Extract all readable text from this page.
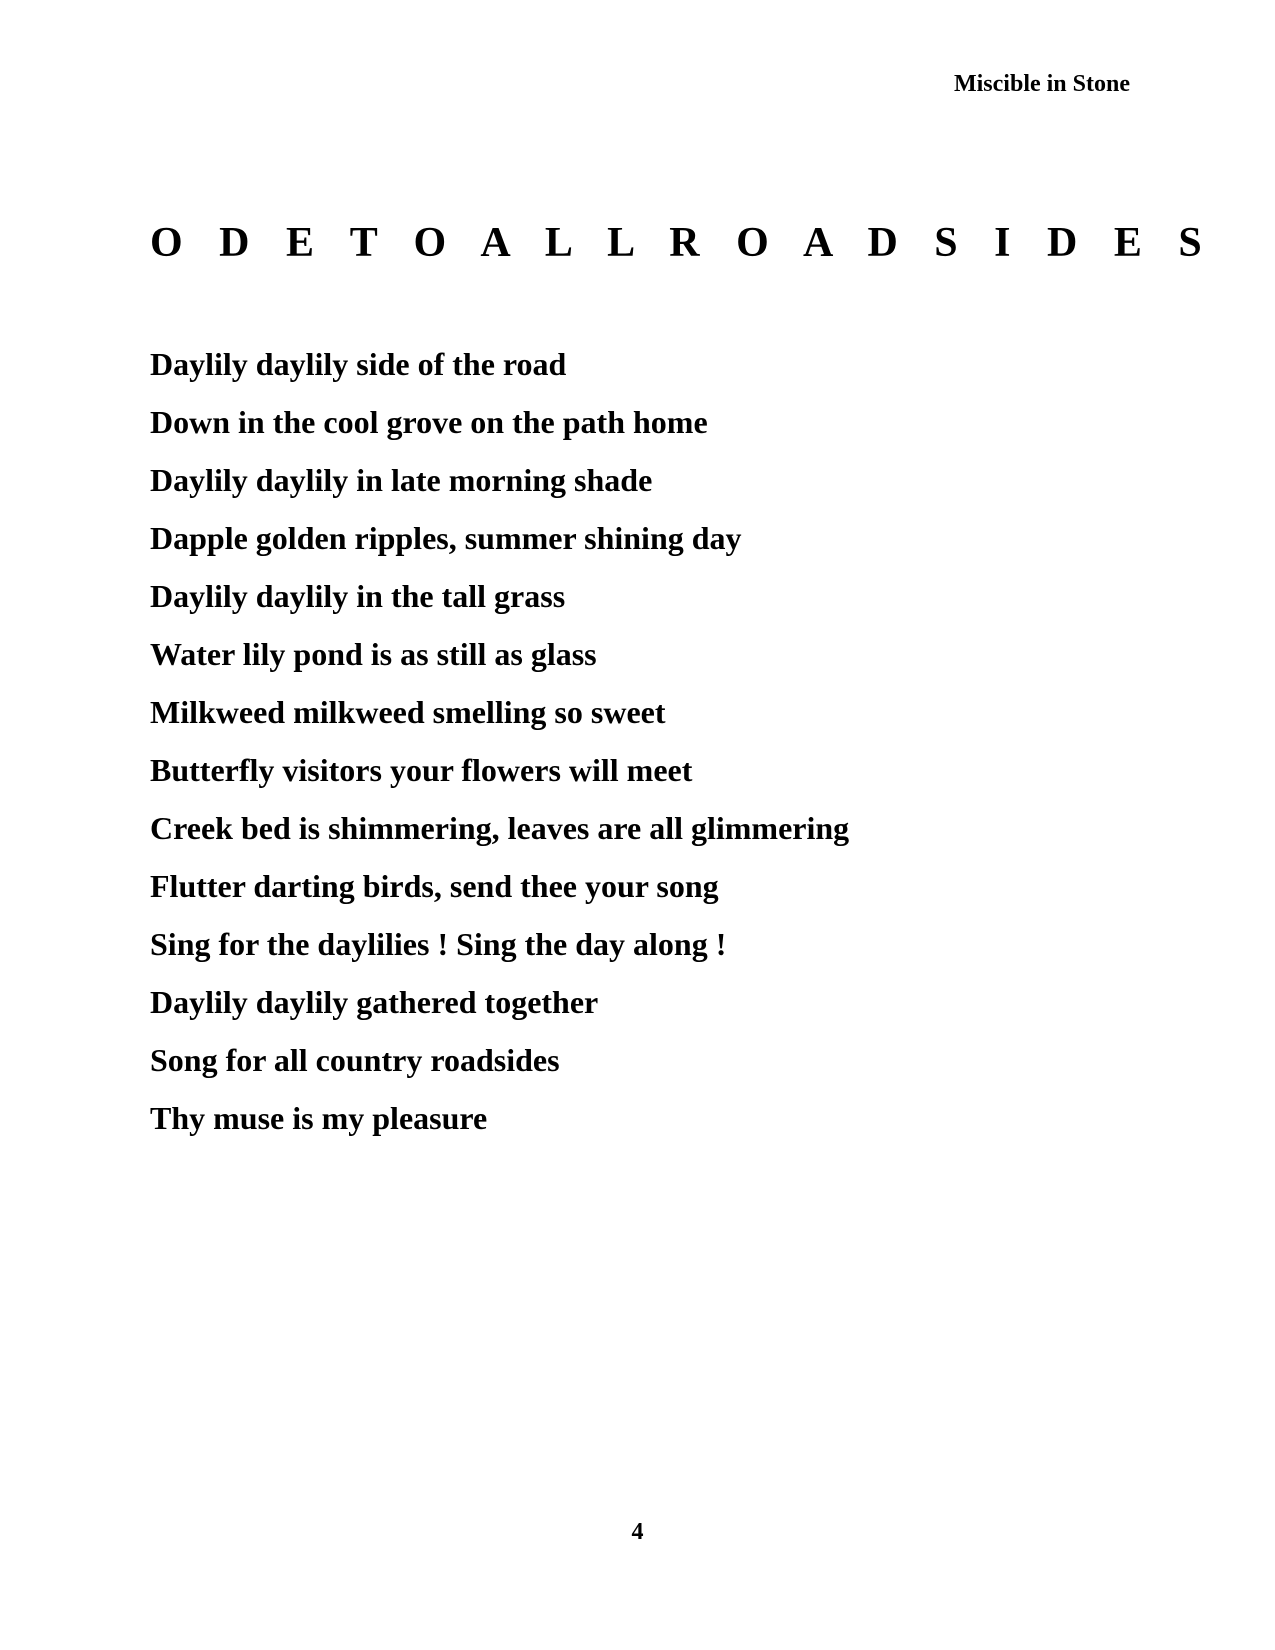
Miscible in Stone
O D E T O A L L R O A D S I D E S
Daylily daylily side of the road
Down in the cool grove on the path home
Daylily daylily in late morning shade
Dapple golden ripples, summer shining day
Daylily daylily in the tall grass
Water lily pond is as still as glass
Milkweed milkweed smelling so sweet
Butterfly visitors your flowers will meet
Creek bed is shimmering, leaves are all glimmering
Flutter darting birds, send thee your song
Sing for the daylilies ! Sing the day along !
Daylily daylily gathered together
Song for all country roadsides
Thy muse is my pleasure
4
